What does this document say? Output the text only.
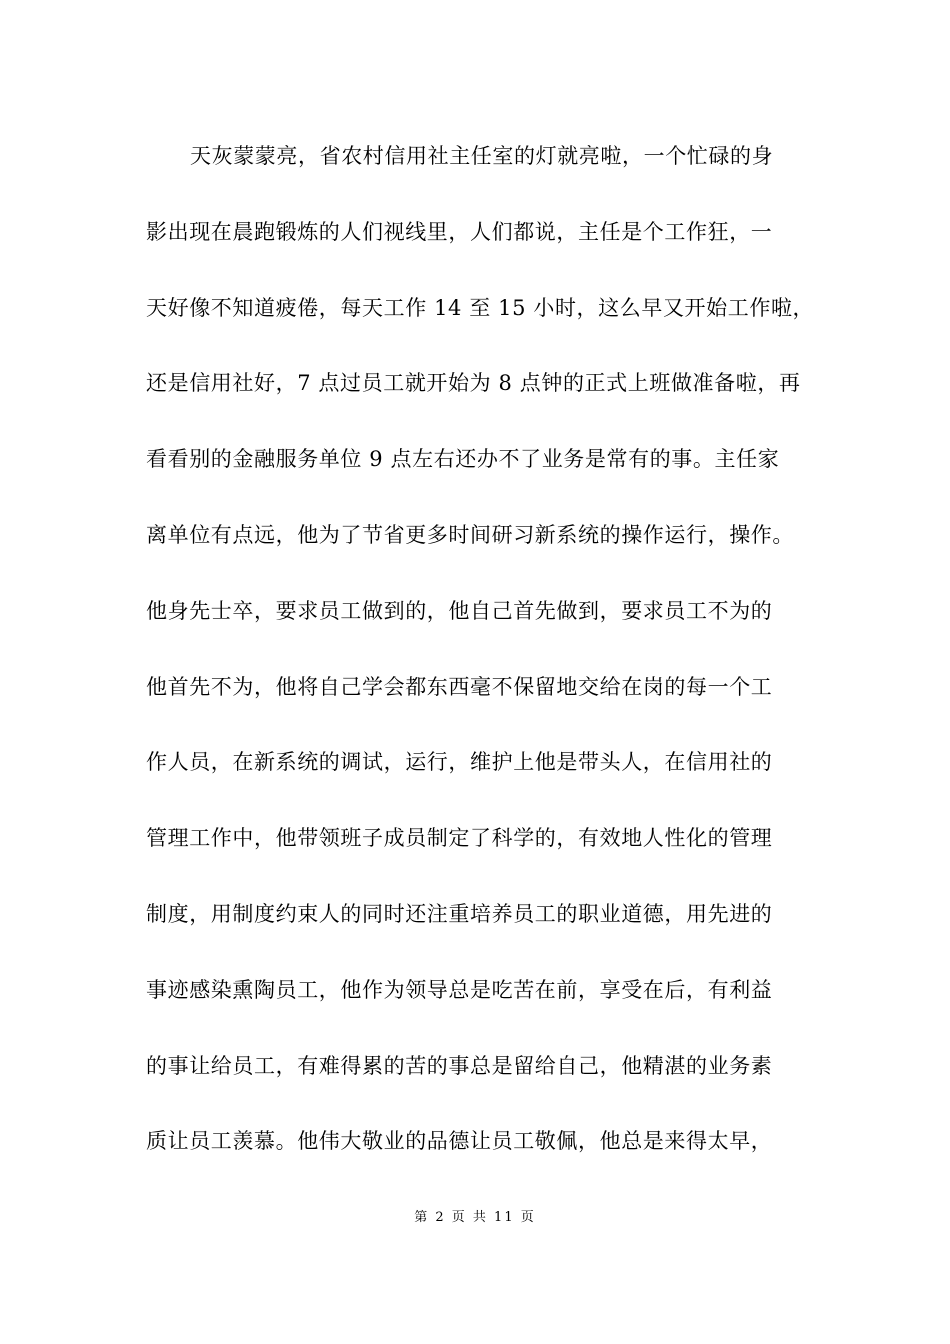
天灰蒙蒙亮，省农村信用社主任室的灯就亮啦，一个忙碌的身
影出现在晨跑锻炼的人们视线里，人们都说，主任是个工作狂，一
天好像不知道疲倦，每天工作 14 至 15 小时，这么早又开始工作啦，
还是信用社好，7 点过员工就开始为 8 点钟的正式上班做准备啦，再
看看别的金融服务单位 9 点左右还办不了业务是常有的事。主任家
离单位有点远，他为了节省更多时间研习新系统的操作运行，操作。
他身先士卒，要求员工做到的，他自己首先做到，要求员工不为的
他首先不为，他将自己学会都东西毫不保留地交给在岗的每一个工
作人员，在新系统的调试，运行，维护上他是带头人，在信用社的
管理工作中，他带领班子成员制定了科学的，有效地人性化的管理
制度，用制度约束人的同时还注重培养员工的职业道德，用先进的
事迹感染熏陶员工，他作为领导总是吃苦在前，享受在后，有利益
的事让给员工，有难得累的苦的事总是留给自己，他精湛的业务素
质让员工羡慕。他伟大敬业的品德让员工敬佩，他总是来得太早，
第 2 页 共 11 页
